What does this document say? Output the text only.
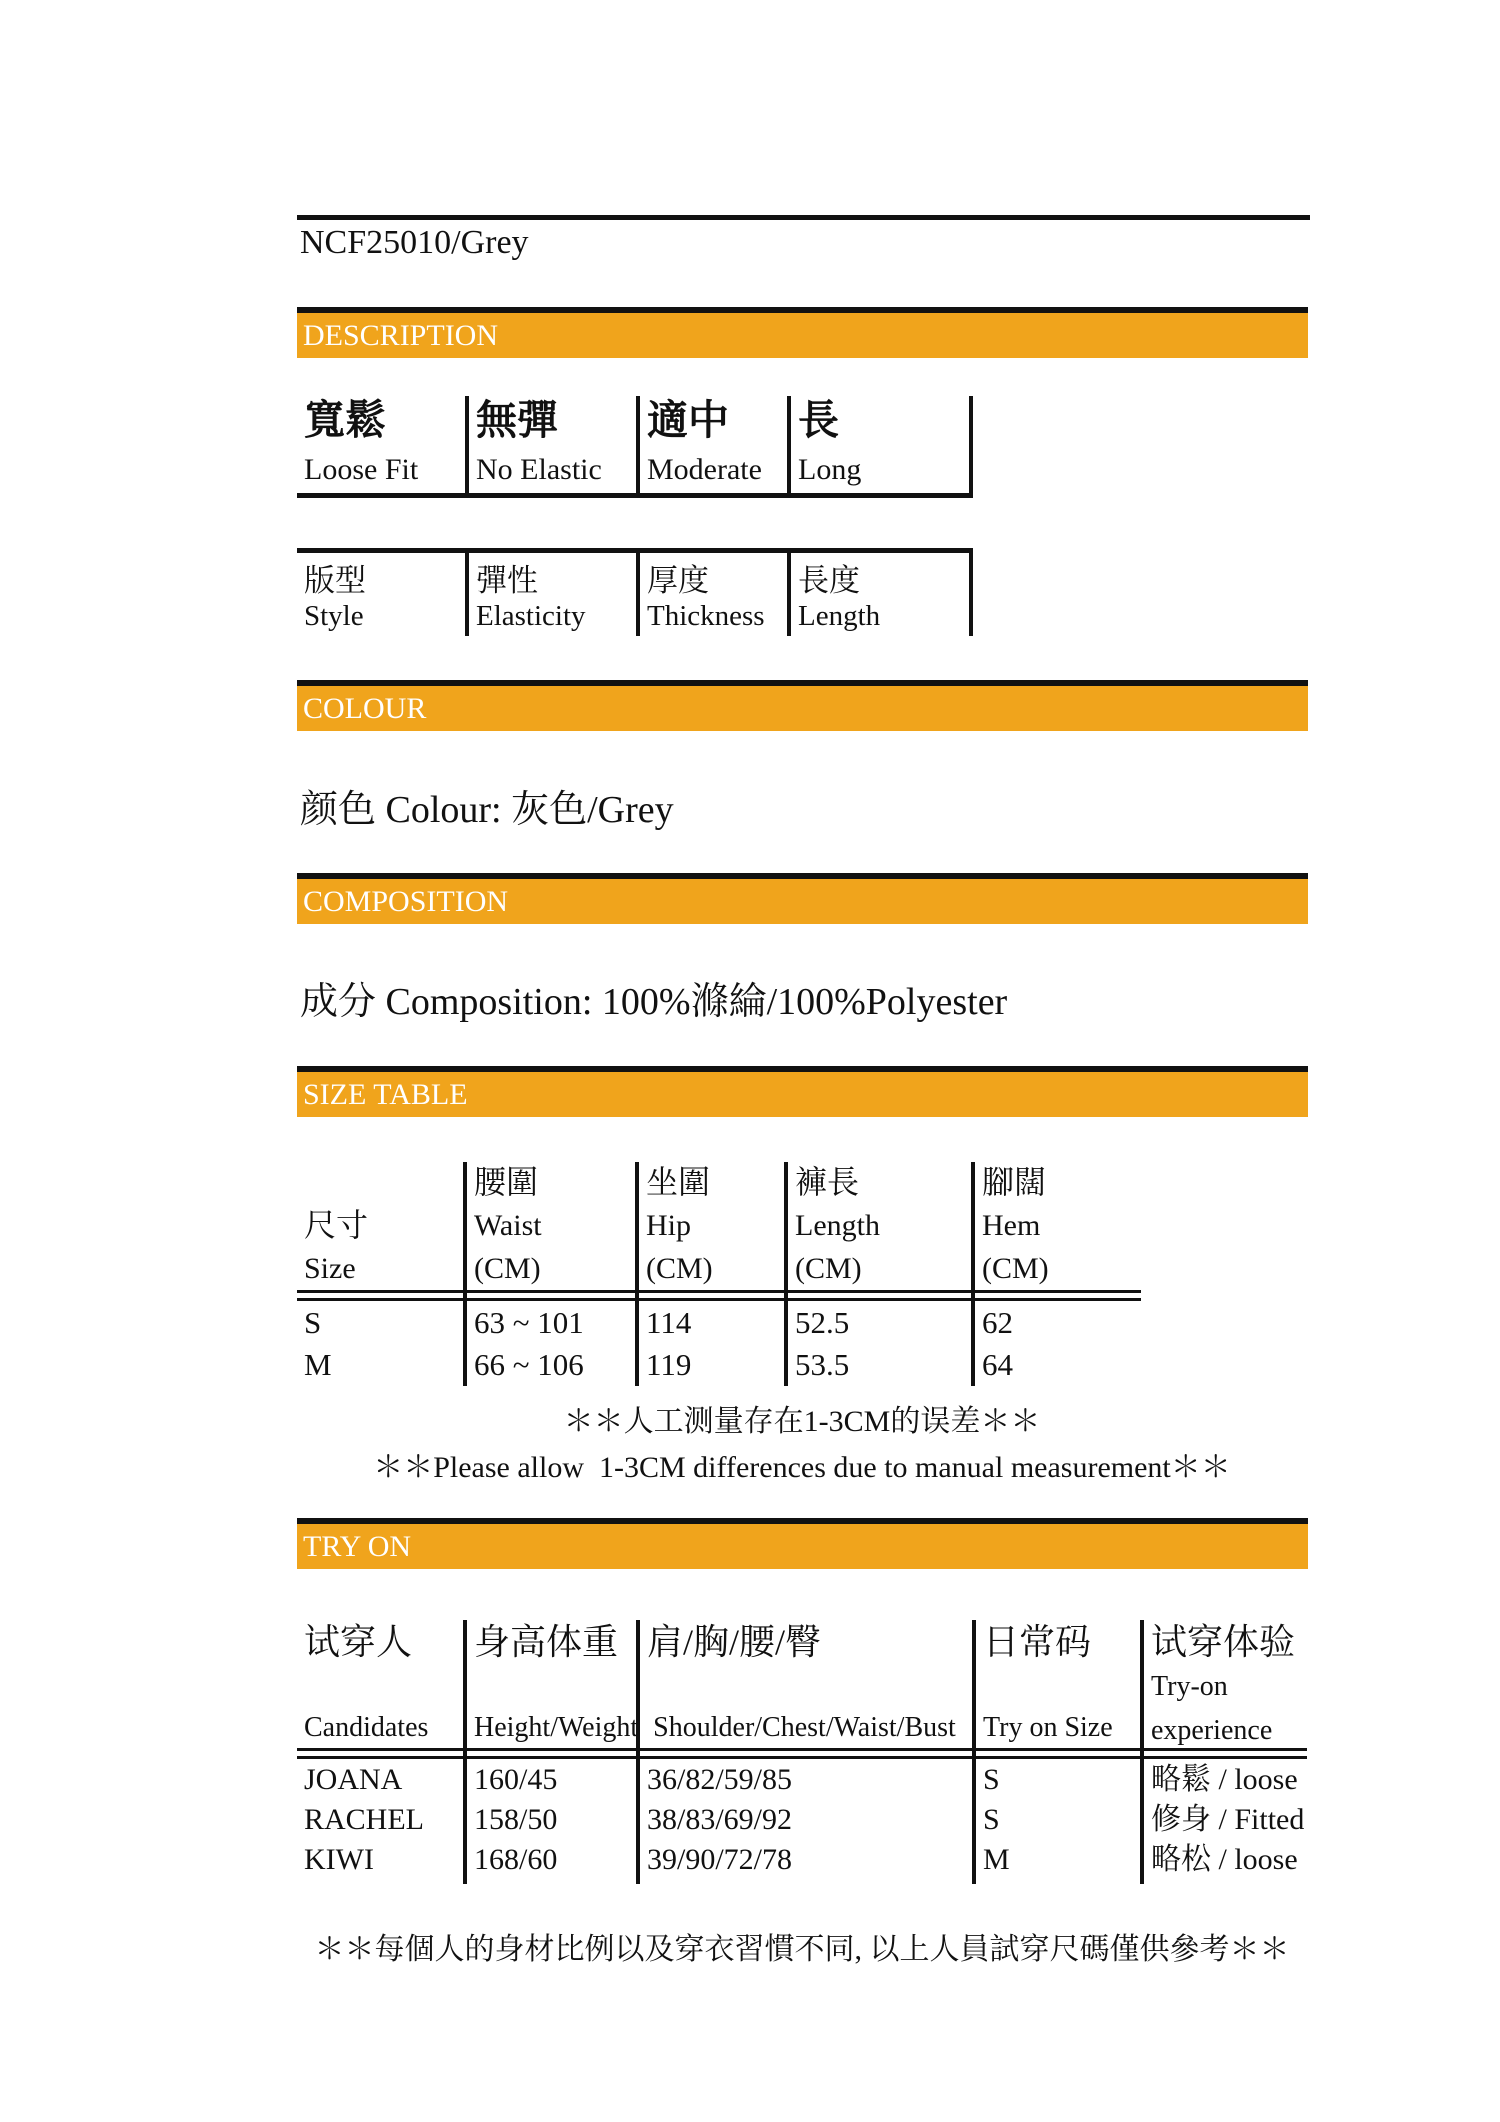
NCF25010/Grey
DESCRIPTION
寬鬆
Loose Fit
無彈
No Elastic
適中
Moderate
長
Long
版型
Style
彈性
Elasticity
厚度
Thickness
長度
Length
COLOUR
颜色 Colour: 灰色/Grey
COMPOSITION
成分 Composition: 100%滌綸/100%Polyester
SIZE TABLE
尺寸
Size
S
M
腰圍
Waist
(CM)
63 ~ 101
66 ~ 106
坐圍
Hip
(CM)
114
119
褲長
Length
(CM)
52.5
53.5
腳闊
Hem
(CM)
62
64
＊＊人工测量存在1-3CM的误差＊＊
＊＊Please allow  1-3CM differences due to manual measurement＊＊
TRY ON
试穿人
Candidates
JOANA
RACHEL
KIWI
身高体重
Height/Weight
160/45
158/50
168/60
肩/胸/腰/臀
Shoulder/Chest/Waist/Bust
36/82/59/85
38/83/69/92
39/90/72/78
日常码
Try on Size
S
S
M
试穿体验
Try-on experience
略鬆 / loose
修身 / Fitted
略松 / loose
＊＊每個人的身材比例以及穿衣習慣不同, 以上人員試穿尺碼僅供參考＊＊
